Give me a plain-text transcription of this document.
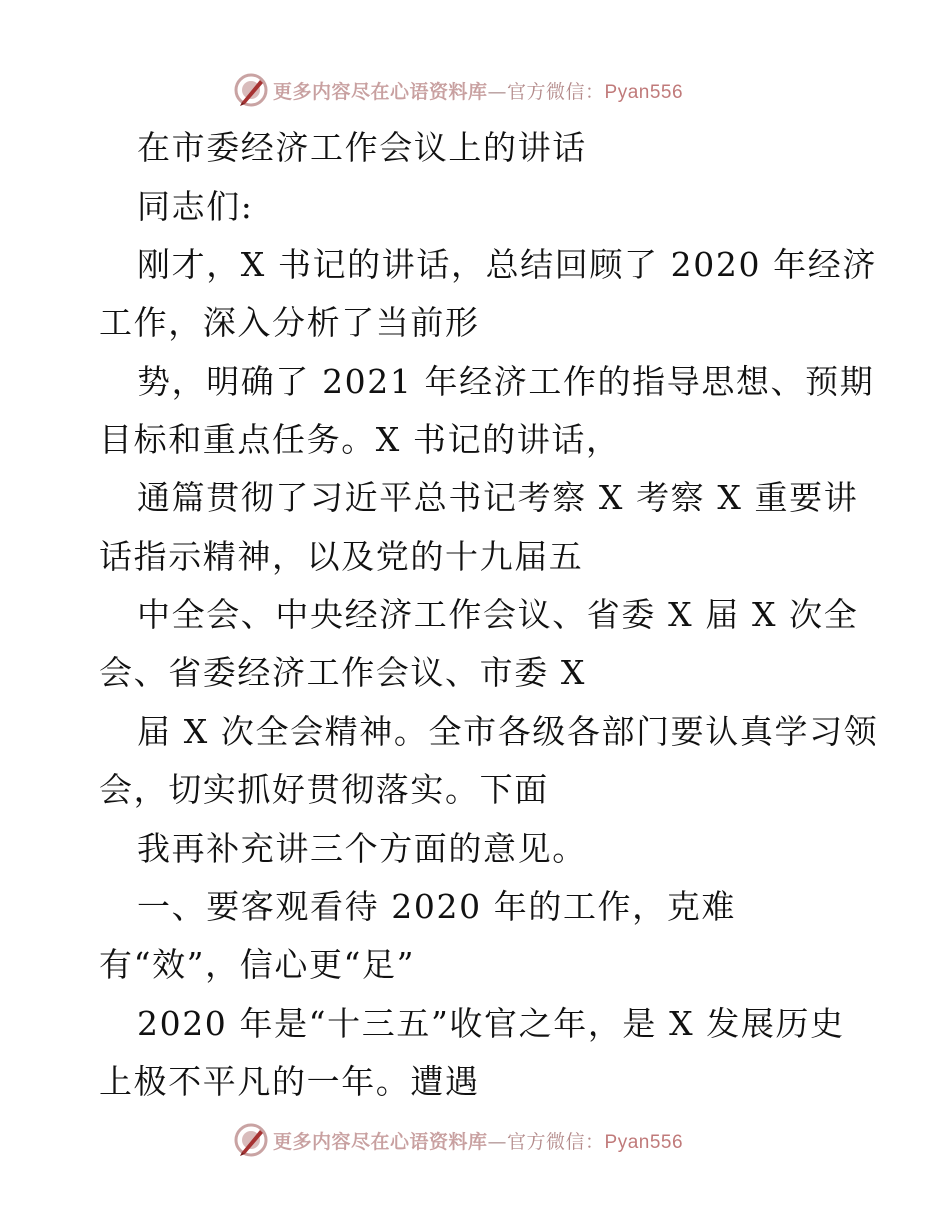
更多内容尽在心语资料库—官方微信：Pyan556
在市委经济工作会议上的讲话
同志们:
刚才，X 书记的讲话，总结回顾了 2020 年经济
工作，深入分析了当前形
势，明确了 2021 年经济工作的指导思想、预期
目标和重点任务。X 书记的讲话，
通篇贯彻了习近平总书记考察 X 考察 X 重要讲
话指示精神，以及党的十九届五
中全会、中央经济工作会议、省委 X 届 X 次全
会、省委经济工作会议、市委 X
届 X 次全会精神。全市各级各部门要认真学习领
会，切实抓好贯彻落实。下面
我再补充讲三个方面的意见。
一、要客观看待 2020 年的工作，克难
有“效”，信心更“足”
2020 年是“十三五”收官之年，是 X 发展历史
上极不平凡的一年。遭遇
更多内容尽在心语资料库—官方微信：Pyan556
